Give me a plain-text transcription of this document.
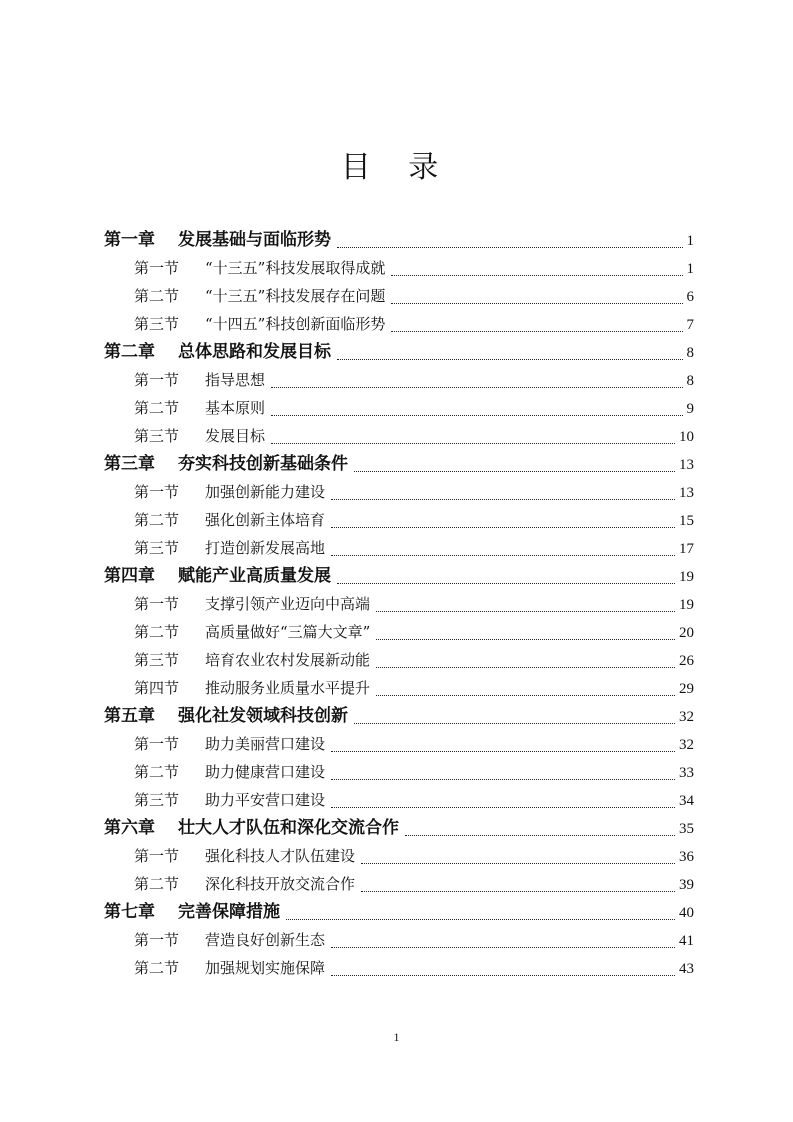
目 录
第一章	发展基础与面临形势	1
第一节	“十三五”科技发展取得成就	1
第二节	“十三五”科技发展存在问题	6
第三节	“十四五”科技创新面临形势	7
第二章	总体思路和发展目标	8
第一节	指导思想	8
第二节	基本原则	9
第三节	发展目标	10
第三章	夯实科技创新基础条件	13
第一节	加强创新能力建设	13
第二节	强化创新主体培育	15
第三节	打造创新发展高地	17
第四章	赋能产业高质量发展	19
第一节	支撑引领产业迈向中高端	19
第二节	高质量做好“三篇大文章”	20
第三节	培育农业农村发展新动能	26
第四节	推动服务业质量水平提升	29
第五章	强化社发领域科技创新	32
第一节	助力美丽营口建设	32
第二节	助力健康营口建设	33
第三节	助力平安营口建设	34
第六章	壮大人才队伍和深化交流合作	35
第一节	强化科技人才队伍建设	36
第二节	深化科技开放交流合作	39
第七章	完善保障措施	40
第一节	营造良好创新生态	41
第二节	加强规划实施保障	43
1
